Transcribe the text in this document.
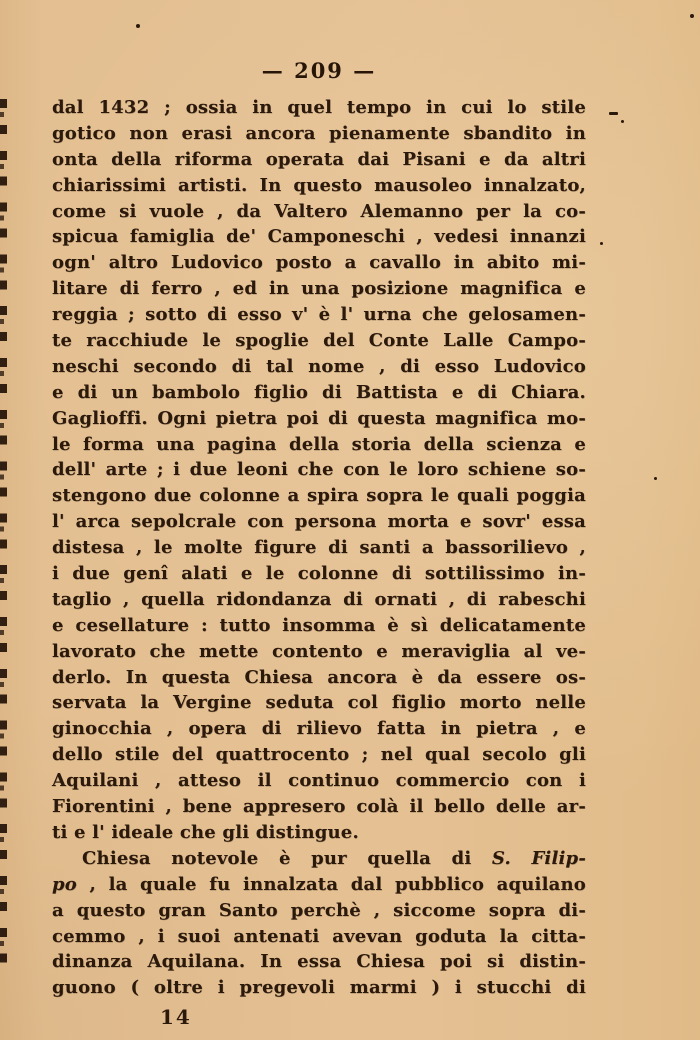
— 209 —
dal 1432 ; ossia in quel tempo in cui lo stile
gotico non erasi ancora pienamente sbandito in
onta della riforma operata dai Pisani e da altri
chiarissimi artisti. In questo mausoleo innalzato,
come si vuole , da Valtero Alemanno per la co-
spicua famiglia de' Camponeschi , vedesi innanzi
ogn' altro Ludovico posto a cavallo in abito mi-
litare di ferro , ed in una posizione magnifica e
reggia ; sotto di esso v' è l' urna che gelosamen-
te racchiude le spoglie del Conte Lalle Campo-
neschi secondo di tal nome , di esso Ludovico
e di un bambolo figlio di Battista e di Chiara.
Gaglioffi. Ogni pietra poi di questa magnifica mo-
le forma una pagina della storia della scienza e
dell' arte ; i due leoni che con le loro schiene so-
stengono due colonne a spira sopra le quali poggia
l' arca sepolcrale con persona morta e sovr' essa
distesa , le molte figure di santi a bassorilievo ,
i due genî alati e le colonne di sottilissimo in-
taglio , quella ridondanza di ornati , di rabeschi
e cesellature : tutto insomma è sì delicatamente
lavorato che mette contento e meraviglia al ve-
derlo. In questa Chiesa ancora è da essere os-
servata la Vergine seduta col figlio morto nelle
ginocchia , opera di rilievo fatta in pietra , e
dello stile del quattrocento ; nel qual secolo gli
Aquilani , atteso il continuo commercio con i
Fiorentini , bene appresero colà il bello delle ar-
ti e l' ideale che gli distingue.
Chiesa notevole è pur quella di S. Filip-
po , la quale fu innalzata dal pubblico aquilano
a questo gran Santo perchè , siccome sopra di-
cemmo , i suoi antenati avevan goduta la citta-
dinanza Aquilana. In essa Chiesa poi si distin-
guono ( oltre i pregevoli marmi ) i stucchi di
14
